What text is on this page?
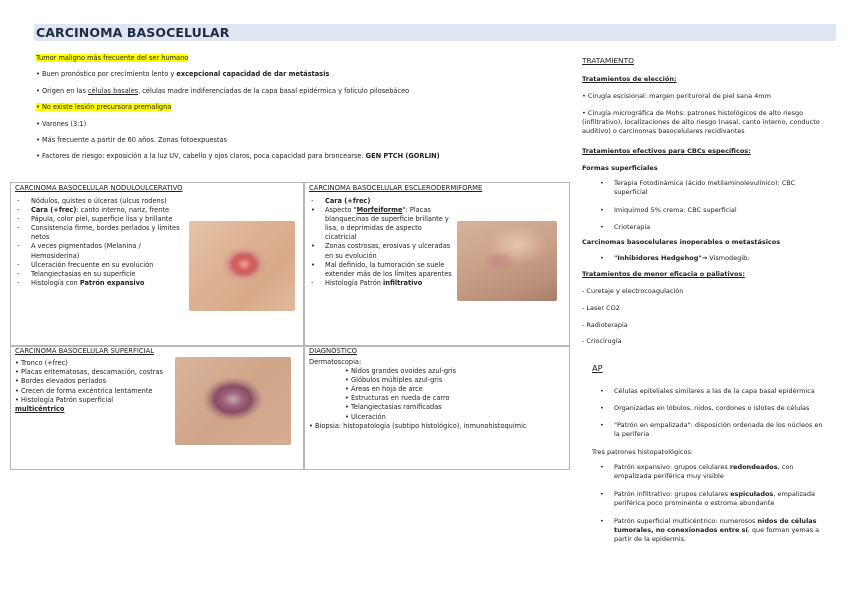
CARCINOMA BASOCELULAR
Tumor maligno más frecuente del ser humano
• Buen pronóstico por crecimiento lento y excepcional capacidad de dar metástasis
• Origen en las células basales, células madre indiferenciadas de la capa basal epidérmica y folículo pilosebáceo
• No existe lesión precursora premaligna
• Varones (3:1)
• Más frecuente a partir de 60 años. Zonas fotoexpuestas
• Factores de riesgo: exposición a la luz UV, cabello y ojos claros, poca capacidad para broncearse. GEN PTCH (GORLIN)
CARCINOMA BASOCELULAR NODULOULCERATIVO
- Nódulos, quistes o úlceras (ulcus rodens)
- Cara (+frec): canto interno, nariz, frente
- Pápula, color piel, superficie lisa y brillante
- Consistencia firme, bordes perlados y límites netos
- A veces pigmentados (Melanina / Hemosiderina)
- Ulceración frecuente en su evolución
- Telangiectasias en su superficie
- Histología con Patrón expansivo
CARCINOMA BASOCELULAR ESCLERODERMIFORME
- Cara (+frec)
• Aspecto "Morfeiforme": Placas blanquecinas de superficie brillante y lisa, o deprimidas de aspecto cicatricial
• Zonas costrosas, erosivas y ulceradas en su evolución
• Mal definido, la tumoración se suele extender más de los límites aparentes
- Histología Patrón infiltrativo
CARCINOMA BASOCELULAR SUPERFICIAL
• Tronco (+frec)
• Placas eritematosas, descamación, costras
• Bordes elevados perlados
• Crecen de forma excéntrica lentamente
• Histología Patrón superficial
multicéntrico
DIAGNÓSTICO
Dermatoscopia:
• Nidos grandes ovoides azul-gris
• Glóbulos múltiples azul-gris
• Áreas en hoja de arce
• Estructuras en rueda de carro
• Telangiectasias ramificadas
• Ulceración
• Biopsia: histopatología (subtipo histológico), inmunohistoquímic
TRATAMIENTO
Tratamientos de elección:
• Cirugía escisional: margen perituroral de piel sana 4mm
• Cirugía micrográfica de Mohs: patrones histológicos de alto riesgo (infiltrativo), localizaciones de alto riesgo (nasal, canto interno, conducto auditivo) o carcinomas basocelulares recidivantes
Tratamientos efectivos para CBCs específicos:
Formas superficiales
• Terapia Fotodinámica (ácido metilaminolevulínico): CBC superficial
• Imiquimod 5% crema: CBC superficial
• Crioterapia
Carcinomas basocelulares inoperables o metastásicos
• "Inhibidores Hedgehog"→ Vismodegib:
Tratamientos de menor eficacia o paliativos:
- Curetaje y electrocoagulación
- Laser CO2
- Radioterapia
- Criocirugía
AP
• Células epiteliales similares a las de la capa basal epidérmica
• Organizadas en lóbulos, nidos, cordones o islotes de células
• "Patrón en empalizada": disposición ordenada de los núcleos en la periferia
Tres patrones histopatológicos:
• Patrón expansivo: grupos celulares redondeados, con empalizada periférica muy visible
• Patrón infiltrativo: grupos celulares espiculados, empalizada periférica poco prominente o estroma abundante
• Patrón superficial multicéntrico: numerosos nidos de células tumorales, no conexionados entre sí, que forman yemas a partir de la epidermis.
